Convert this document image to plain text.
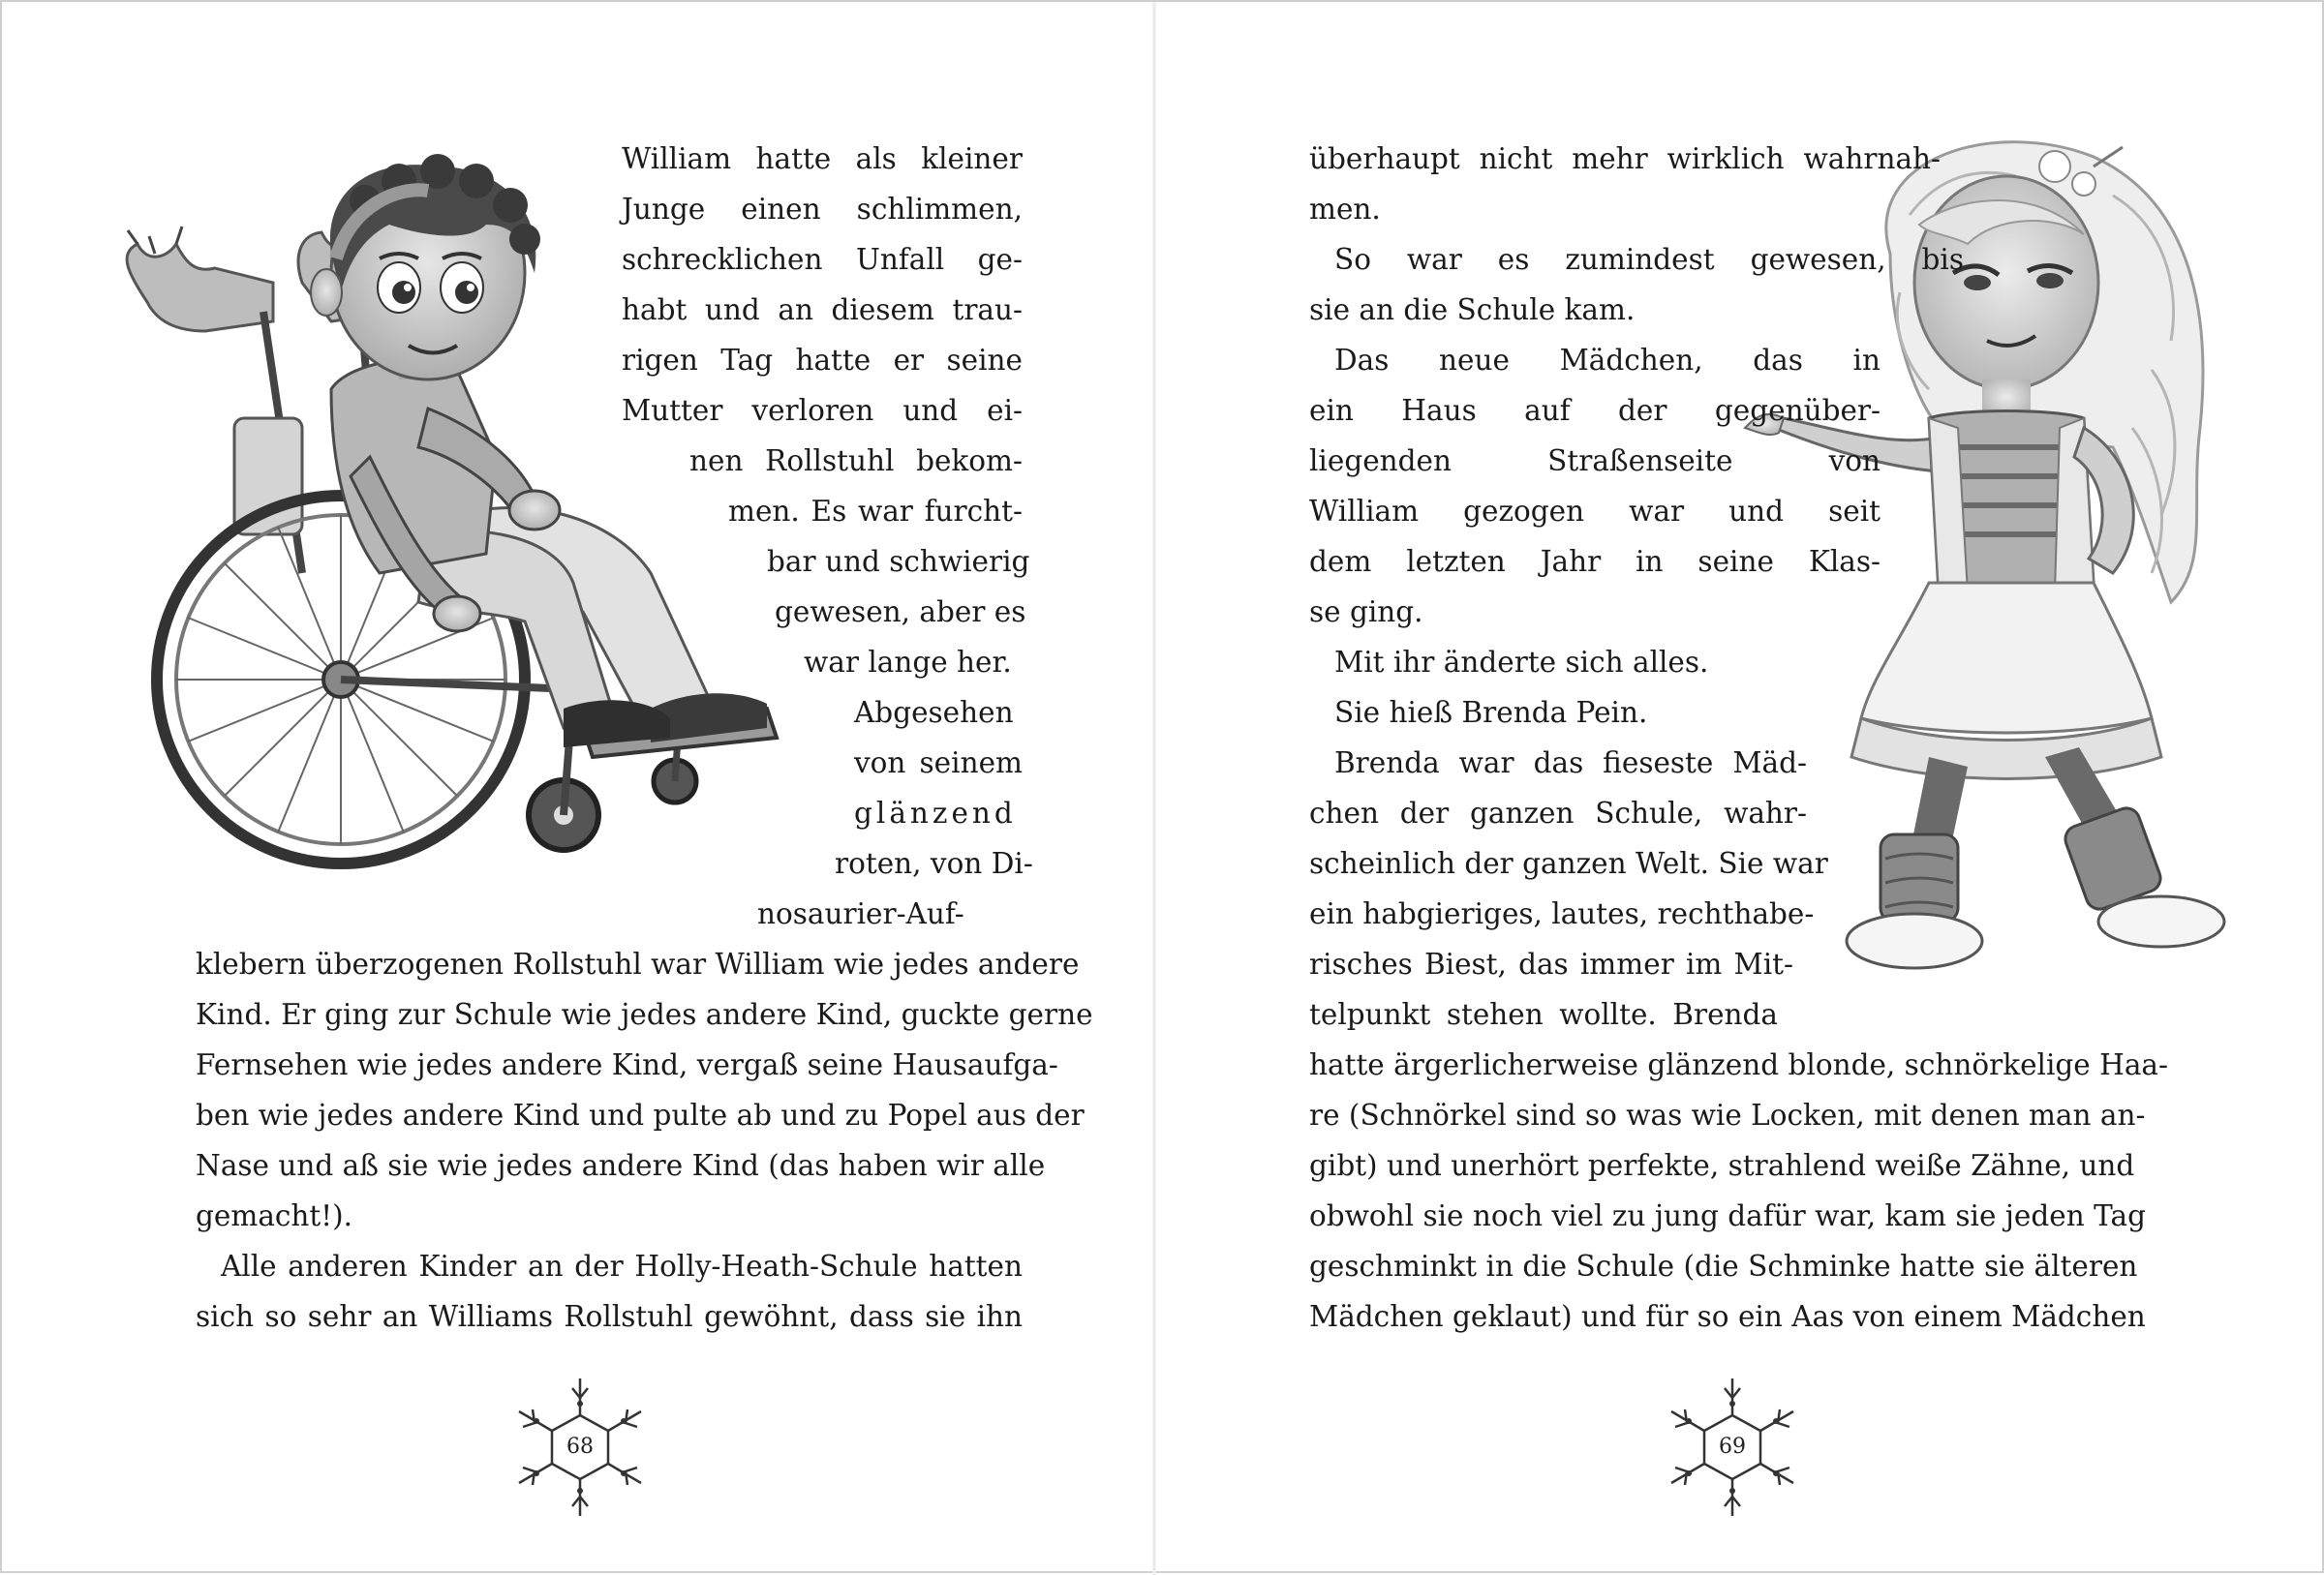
William hatte als kleiner
Junge einen schlimmen,
schrecklichen Unfall ge-
habt und an diesem trau-
rigen Tag hatte er seine
Mutter verloren und ei-
nen Rollstuhl bekom-
men. Es war furcht-
bar und schwierig
gewesen, aber es
war lange her.
Abgesehen
von seinem
glänzend
roten, von Di-
nosaurier-Auf-
klebern überzogenen Rollstuhl war William wie jedes andere
Kind. Er ging zur Schule wie jedes andere Kind, guckte gerne
Fernsehen wie jedes andere Kind, vergaß seine Hausaufga-
ben wie jedes andere Kind und pulte ab und zu Popel aus der
Nase und aß sie wie jedes andere Kind (das haben wir alle
gemacht!).
Alle anderen Kinder an der Holly-Heath-Schule hatten
sich so sehr an Williams Rollstuhl gewöhnt, dass sie ihn
68
überhaupt nicht mehr wirklich wahrnah-
men.
So war es zumindest gewesen, bis
sie an die Schule kam.
Das neue Mädchen, das in
ein Haus auf der gegenüber-
liegenden Straßenseite von
William gezogen war und seit
dem letzten Jahr in seine Klas-
se ging.
Mit ihr änderte sich alles.
Sie hieß Brenda Pein.
Brenda war das fieseste Mäd-
chen der ganzen Schule, wahr-
scheinlich der ganzen Welt. Sie war
ein habgieriges, lautes, rechthabe-
risches Biest, das immer im Mit-
telpunkt stehen wollte. Brenda
hatte ärgerlicherweise glänzend blonde, schnörkelige Haa-
re (Schnörkel sind so was wie Locken, mit denen man an-
gibt) und unerhört perfekte, strahlend weiße Zähne, und
obwohl sie noch viel zu jung dafür war, kam sie jeden Tag
geschminkt in die Schule (die Schminke hatte sie älteren
Mädchen geklaut) und für so ein Aas von einem Mädchen
69
